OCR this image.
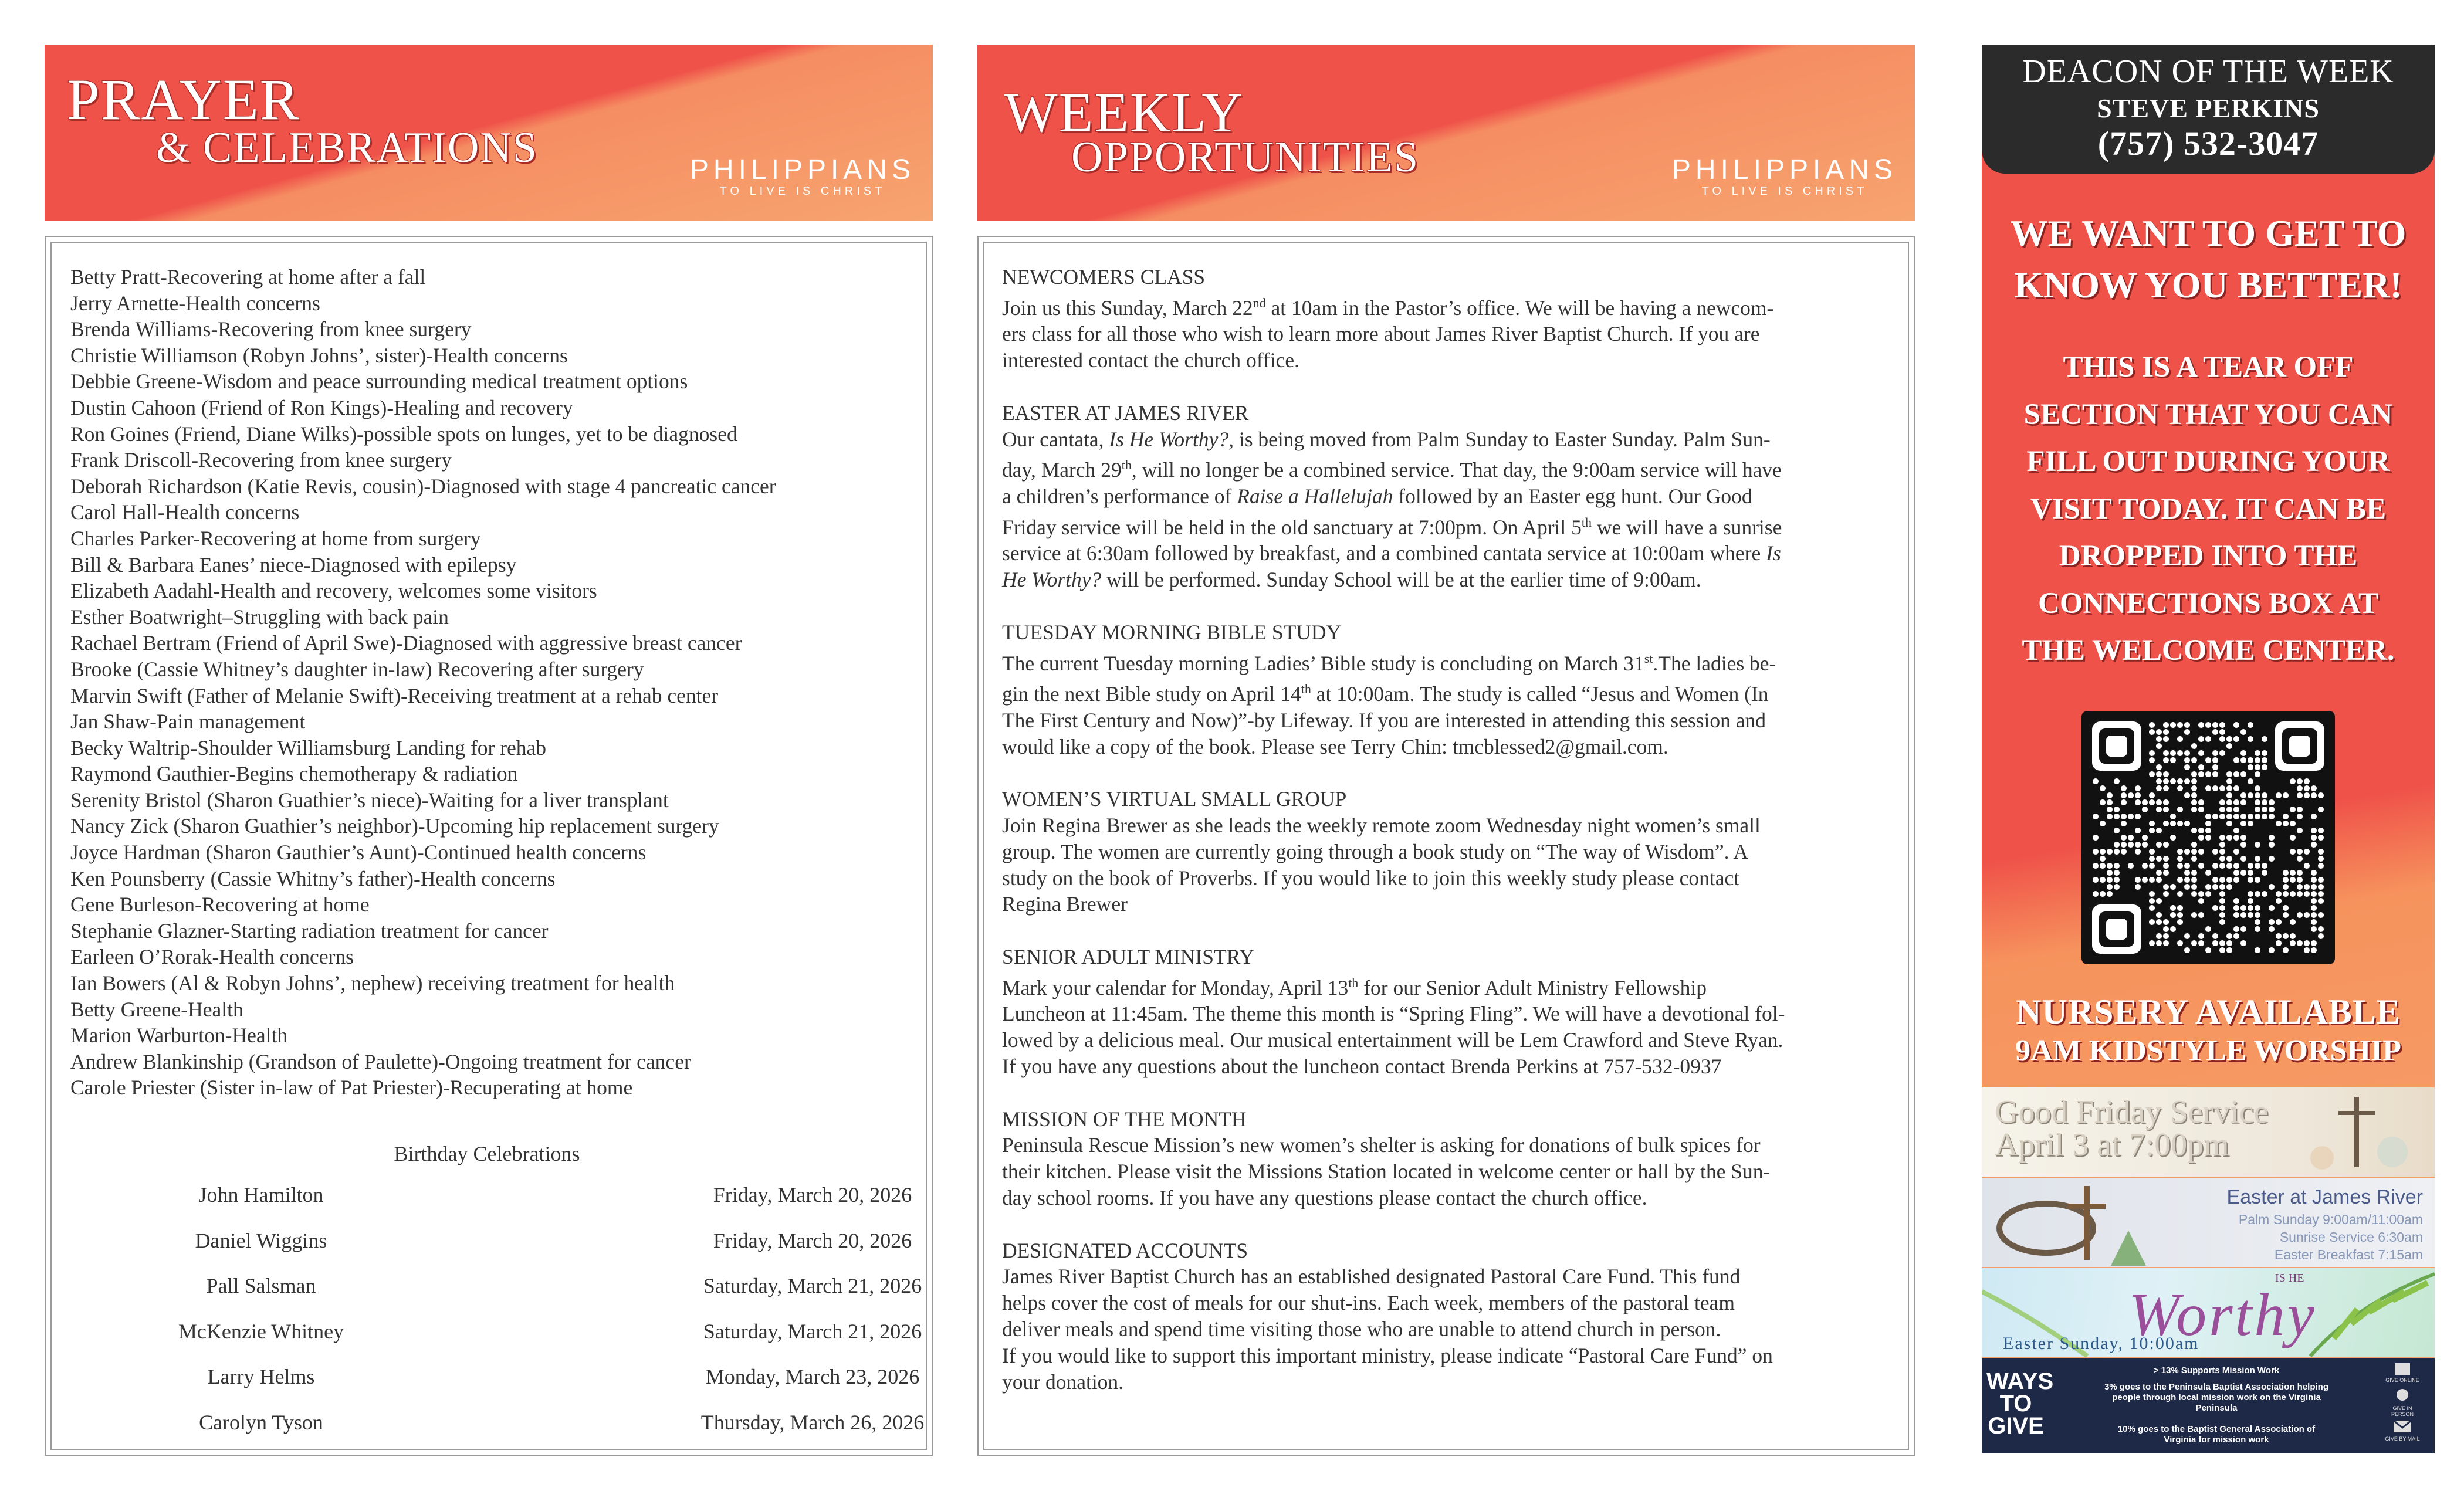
PRAYER
& CELEBRATIONS	PHILIPPIANS
TO LIVE IS CHRIST
WEEKLY
OPPORTUNITIES	PHILIPPIANS
TO LIVE IS CHRIST
Betty Pratt-Recovering at home after a fall
Jerry Arnette-Health concerns
Brenda Williams-Recovering from knee surgery
Christie Williamson (Robyn Johns’, sister)-Health concerns
Debbie Greene-Wisdom and peace surrounding medical treatment options
Dustin Cahoon (Friend of Ron Kings)-Healing and recovery
Ron Goines (Friend, Diane Wilks)-possible spots on lunges, yet to be diagnosed
Frank Driscoll-Recovering from knee surgery
Deborah Richardson (Katie Revis, cousin)-Diagnosed with stage 4 pancreatic cancer
Carol Hall-Health concerns
Charles Parker-Recovering at home from surgery
Bill & Barbara Eanes’ niece-Diagnosed with epilepsy
Elizabeth Aadahl-Health and recovery, welcomes some visitors
Esther Boatwright–Struggling with back pain
Rachael Bertram (Friend of April Swe)-Diagnosed with aggressive breast cancer
Brooke (Cassie Whitney’s daughter in-law) Recovering after surgery
Marvin Swift (Father of Melanie Swift)-Receiving treatment at a rehab center
Jan Shaw-Pain management
Becky Waltrip-Shoulder Williamsburg Landing for rehab
Raymond Gauthier-Begins chemotherapy & radiation
Serenity Bristol (Sharon Guathier’s niece)-Waiting for a liver transplant
Nancy Zick (Sharon Guathier’s neighbor)-Upcoming hip replacement surgery
Joyce Hardman (Sharon Gauthier’s Aunt)-Continued health concerns
Ken Pounsberry (Cassie Whitny’s father)-Health concerns
Gene Burleson-Recovering at home
Stephanie Glazner-Starting radiation treatment for cancer
Earleen O’Rorak-Health concerns
Ian Bowers (Al & Robyn Johns’, nephew) receiving treatment for health
Betty Greene-Health
Marion Warburton-Health
Andrew Blankinship (Grandson of Paulette)-Ongoing treatment for cancer
Carole Priester (Sister in-law of Pat Priester)-Recuperating at home
Birthday Celebrations
John Hamilton	Friday, March 20, 2026
Daniel Wiggins	Friday, March 20, 2026
Pall Salsman	Saturday, March 21, 2026
McKenzie Whitney	Saturday, March 21, 2026
Larry Helms	Monday, March 23, 2026
Carolyn Tyson	Thursday, March 26, 2026
NEWCOMERS CLASS

Join us this Sunday, March 22nd at 10am in the Pastor’s office. We will be having a newcom-
ers class for all those who wish to learn more about James River Baptist Church. If you are
interested contact the church office.

EASTER AT JAMES RIVER

Our cantata, Is He Worthy?, is being moved from Palm Sunday to Easter Sunday. Palm Sun-
day, March 29th, will no longer be a combined service. That day, the 9:00am service will have
a children’s performance of Raise a Hallelujah followed by an Easter egg hunt. Our Good
Friday service will be held in the old sanctuary at 7:00pm. On April 5th we will have a sunrise
service at 6:30am followed by breakfast, and a combined cantata service at 10:00am where Is
He Worthy? will be performed. Sunday School will be at the earlier time of 9:00am.

TUESDAY MORNING BIBLE STUDY

The current Tuesday morning Ladies’ Bible study is concluding on March 31st.The ladies be-
gin the next Bible study on April 14th at 10:00am. The study is called “Jesus and Women (In
The First Century and Now)”-by Lifeway. If you are interested in attending this session and
would like a copy of the book. Please see Terry Chin: tmcblessed2@gmail.com.

WOMEN’S VIRTUAL SMALL GROUP

Join Regina Brewer as she leads the weekly remote zoom Wednesday night women’s small
group. The women are currently going through a book study on “The way of Wisdom”. A
study on the book of Proverbs. If you would like to join this weekly study please contact
Regina Brewer

SENIOR ADULT MINISTRY

Mark your calendar for Monday, April 13th for our Senior Adult Ministry Fellowship
Luncheon at 11:45am. The theme this month is “Spring Fling”. We will have a devotional fol-
lowed by a delicious meal. Our musical entertainment will be Lem Crawford and Steve Ryan.
If you have any questions about the luncheon contact Brenda Perkins at 757-532-0937

MISSION OF THE MONTH

Peninsula Rescue Mission’s new women’s shelter is asking for donations of bulk spices for
their kitchen. Please visit the Missions Station located in welcome center or hall by the Sun-
day school rooms. If you have any questions please contact the church office.

DESIGNATED ACCOUNTS

James River Baptist Church has an established designated Pastoral Care Fund. This fund
helps cover the cost of meals for our shut-ins. Each week, members of the pastoral team
deliver meals and spend time visiting those who are unable to attend church in person.
If you would like to support this important ministry, please indicate “Pastoral Care Fund” on
your donation.

DEACON OF THE WEEK
STEVE PERKINS
(757) 532-3047
WE WANT TO GET TO
KNOW YOU BETTER!
THIS IS A TEAR OFF
SECTION THAT YOU CAN
FILL OUT DURING YOUR
VISIT TODAY. IT CAN BE
DROPPED INTO THE
CONNECTIONS BOX AT
THE WELCOME CENTER.
NURSERY AVAILABLE
9AM KIDSTYLE WORSHIP
Good Friday Service
April 3 at 7:00pm
Easter at James River
Palm Sunday 9:00am/11:00am
Sunrise Service 6:30am
Easter Breakfast 7:15am
IS HE
Worthy
Easter Sunday, 10:00am
WAYS
TO
GIVE
> 13% Supports Mission Work
3% goes to the Peninsula Baptist Association helping
people through local mission work on the Virginia
Peninsula
10% goes to the Baptist General Association of
Virginia for mission work
GIVE ONLINE
GIVE IN PERSON
GIVE BY MAIL
